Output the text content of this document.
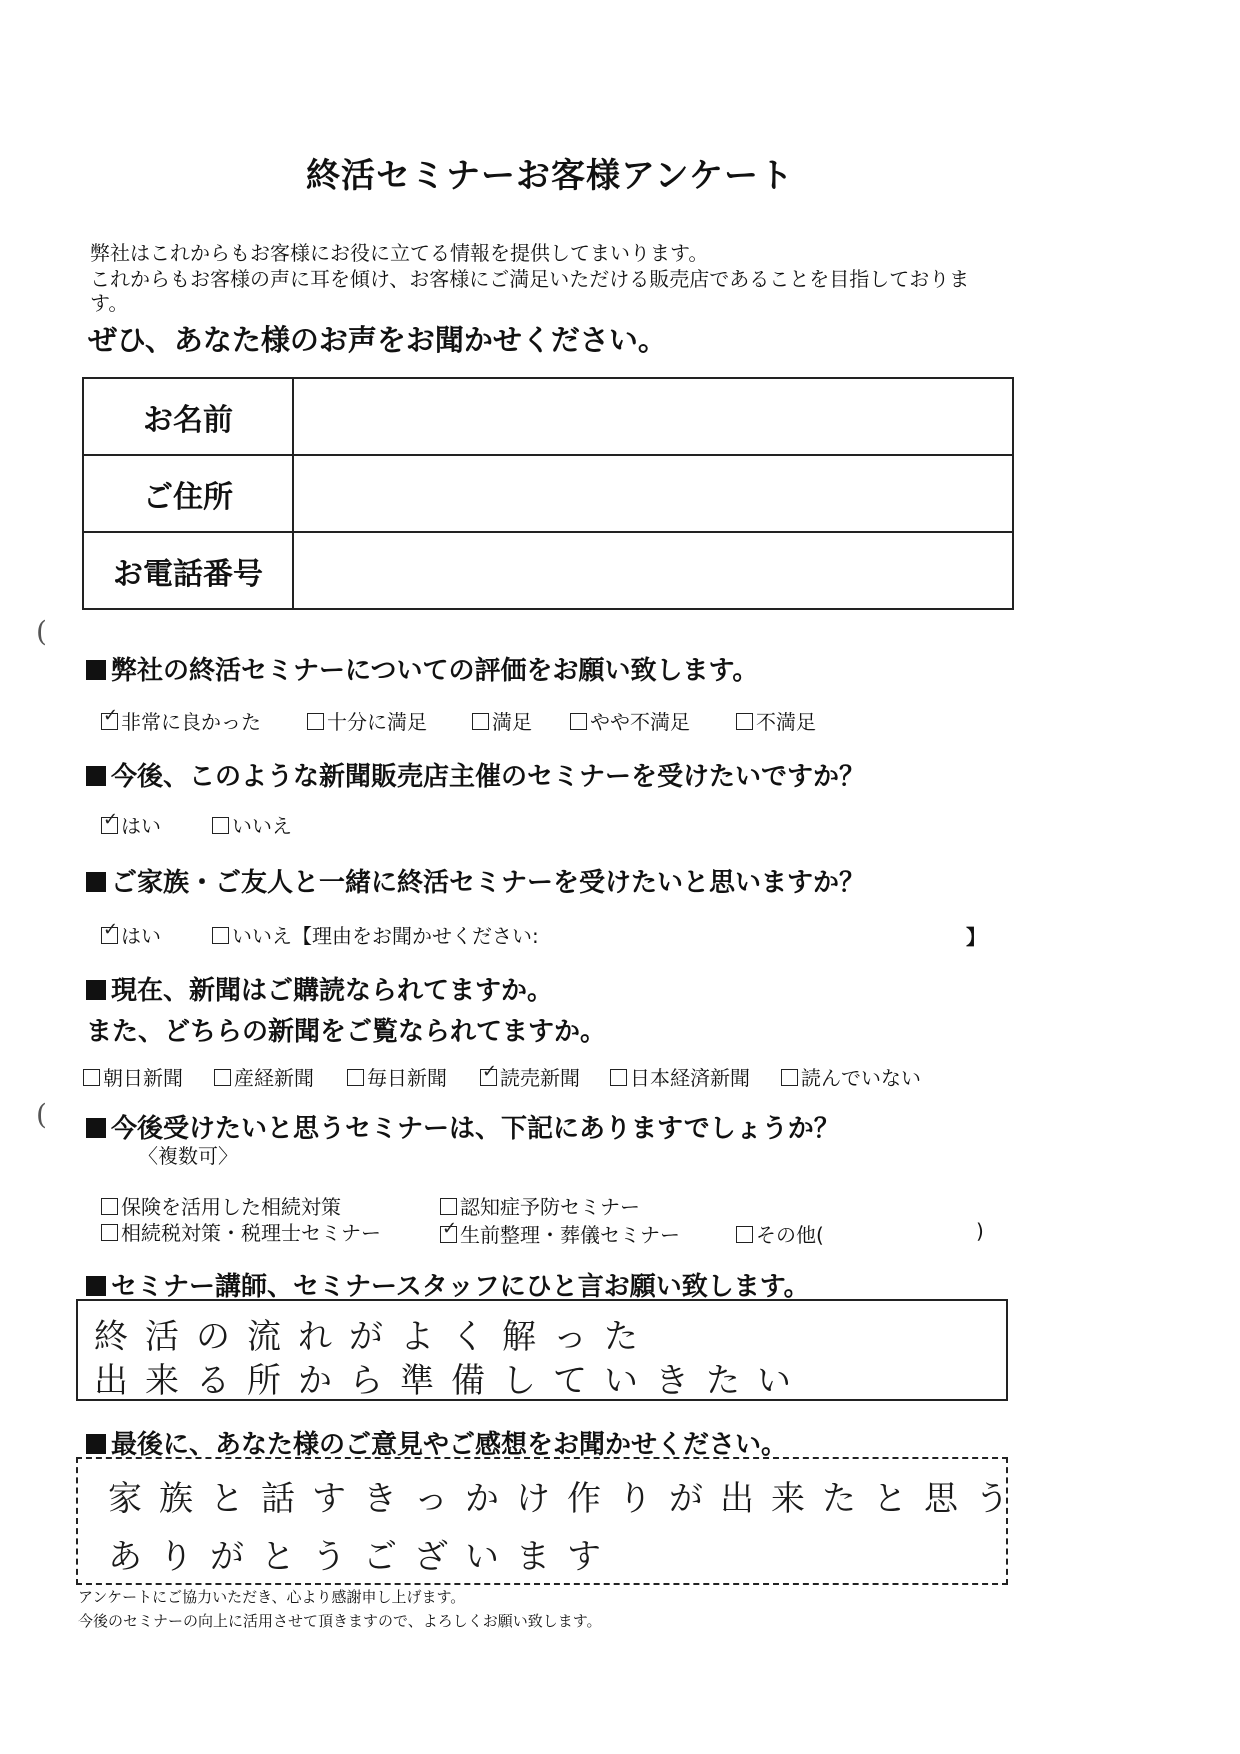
(
(
終活セミナーお客様アンケート
弊社はこれからもお客様にお役に立てる情報を提供してまいります。
これからもお客様の声に耳を傾け、お客様にご満足いただける販売店であることを目指しておりま
す。
ぜひ、あなた様のお声をお聞かせください。
お名前	
ご住所	
お電話番号	
弊社の終活セミナーについての評価をお願い致します。
✓非常に良かった	十分に満足	満足	やや不満足	不満足
今後、このような新聞販売店主催のセミナーを受けたいですか？
✓はい	いいえ
ご家族・ご友人と一緒に終活セミナーを受けたいと思いますか？
✓はい	いいえ【理由をお聞かせください:	】
現在、新聞はご購読なられてますか。
また、どちらの新聞をご覧なられてますか。
朝日新聞	産経新聞	毎日新聞 ✓	読売新聞	日本経済新聞	読んでいない
今後受けたいと思うセミナーは、下記にありますでしょうか？
〈複数可〉
保険を活用した相続対策	認知症予防セミナー
相続税対策・税理士セミナー ✓	生前整理・葬儀セミナー	その他(	)
セミナー講師、セミナースタッフにひと言お願い致します。
終活の流れがよく解った
出来る所から準備していきたい
最後に、あなた様のご意見やご感想をお聞かせください。
家族と話すきっかけ作りが出来たと思う
ありがとうございます
アンケートにご協力いただき、心より感謝申し上げます。
今後のセミナーの向上に活用させて頂きますので、よろしくお願い致します。
